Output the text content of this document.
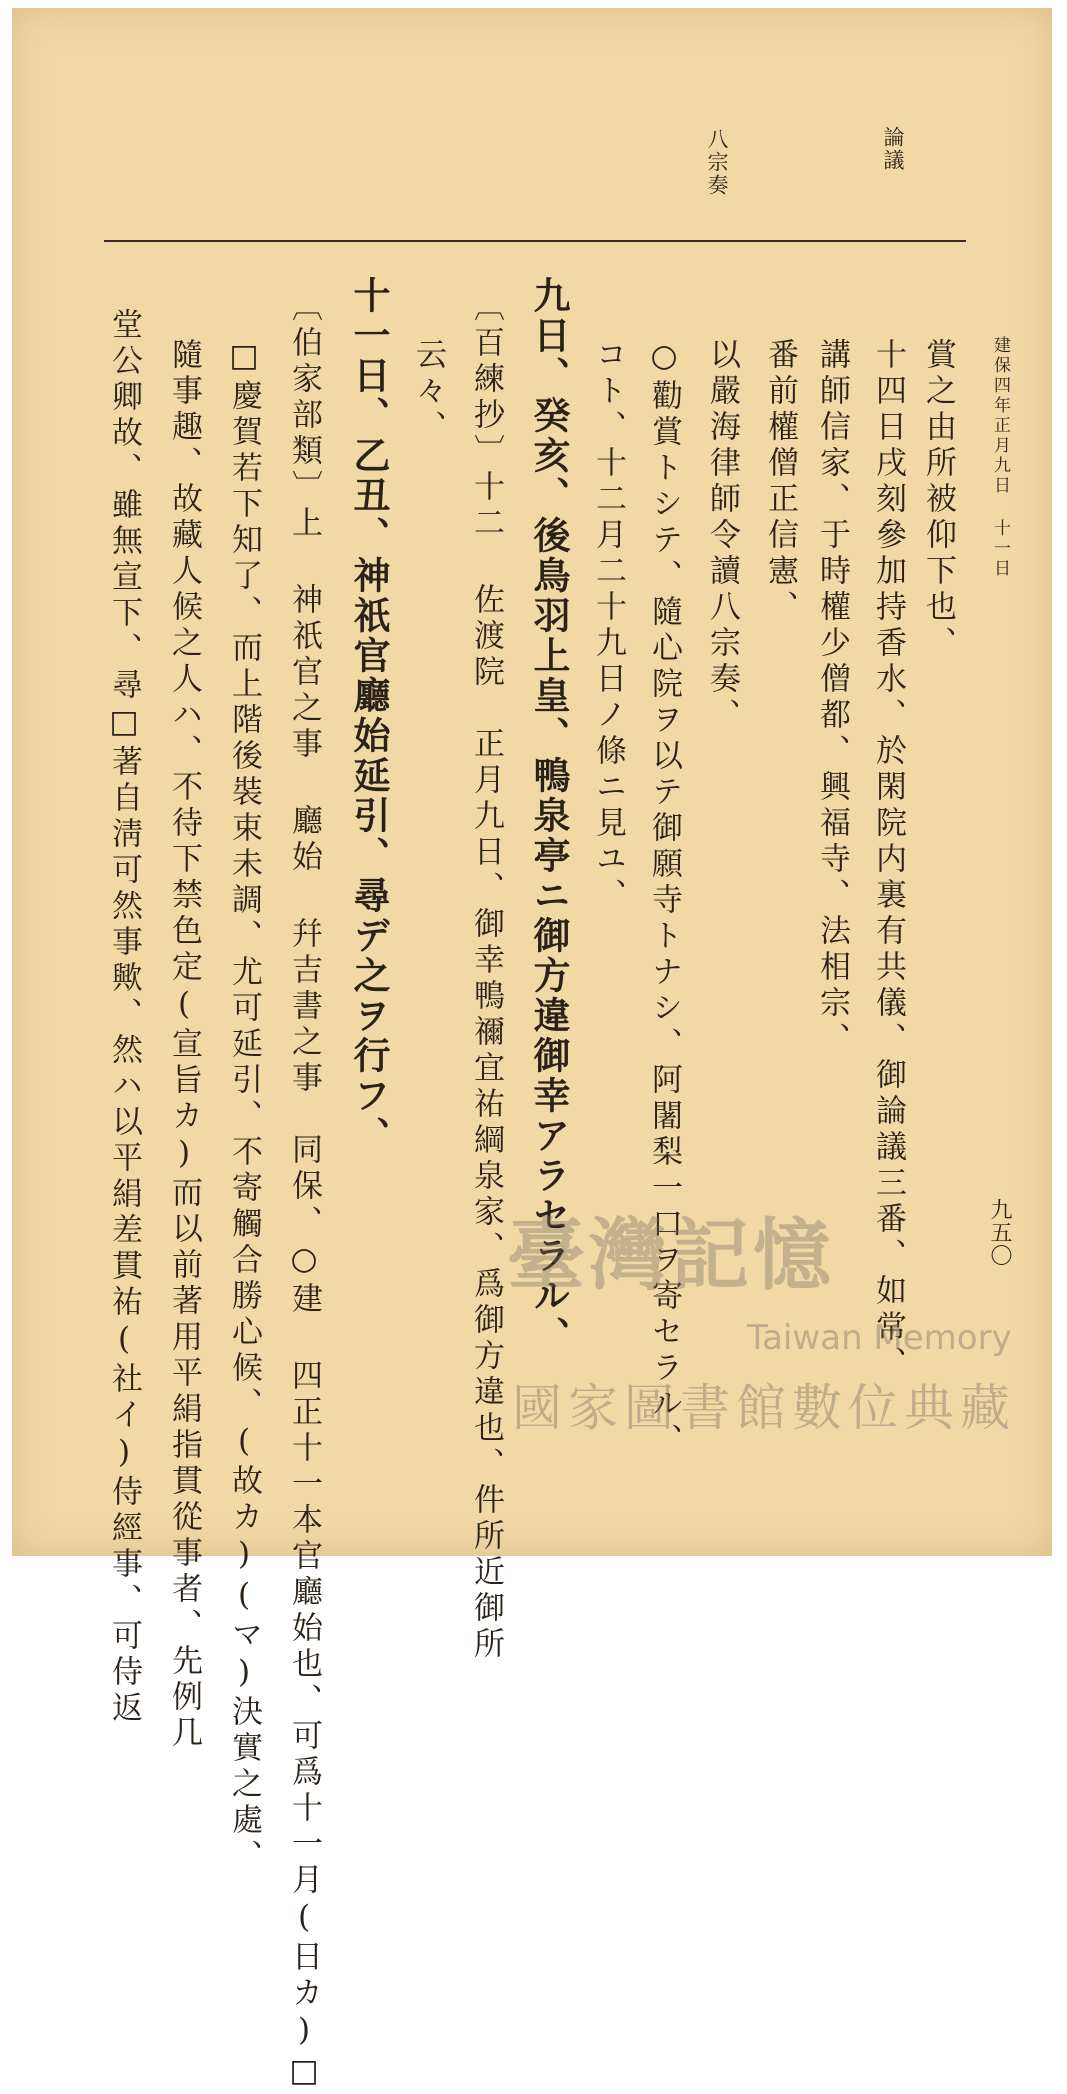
論議
八宗奏
建保四年正月九日 十一日
九五〇
賞之由所被仰下也、
十四日戌刻參加持香水、於閑院内裏有共儀、御論議三番、如常、
講師信家、于時權少僧都、興福寺、法相宗、
番前權僧正信憲、
以嚴海律師令讀八宗奏、
○勸賞トシテ、隨心院ヲ以テ御願寺トナシ、阿闍梨一口ヲ寄セラル、
コト、十二月二十九日ノ條ニ見ユ、
九日、癸亥、後鳥羽上皇、鴨泉亭ニ御方違御幸アラセラル、
〔百練抄〕十二 佐渡院　正月九日、御幸鴨禰宜祐綱泉家、爲御方違也、件所近御所
云々、
十一日、乙丑、神祇官廳始延引、尋デ之ヲ行フ、
〔伯家部類〕上 神祇官之事 廳始 幷吉書之事　同保、○建 四正十一本官廳始也、可爲十一月(日カ)□
□慶賀若下知了、而上階後裝束未調、尤可延引、不寄觸合勝心候、(故カ)(マ)決實之處、
隨事趣、故藏人候之人ハ、不待下禁色定(宣旨カ)而以前著用平絹指貫從事者、先例几
堂公卿故、雖無宣下、尋□著自淸可然事歟、然ハ以平絹差貫祐(社イ)侍經事、可侍返	臺灣記憶
Taiwan Memory
國家圖書館數位典藏
